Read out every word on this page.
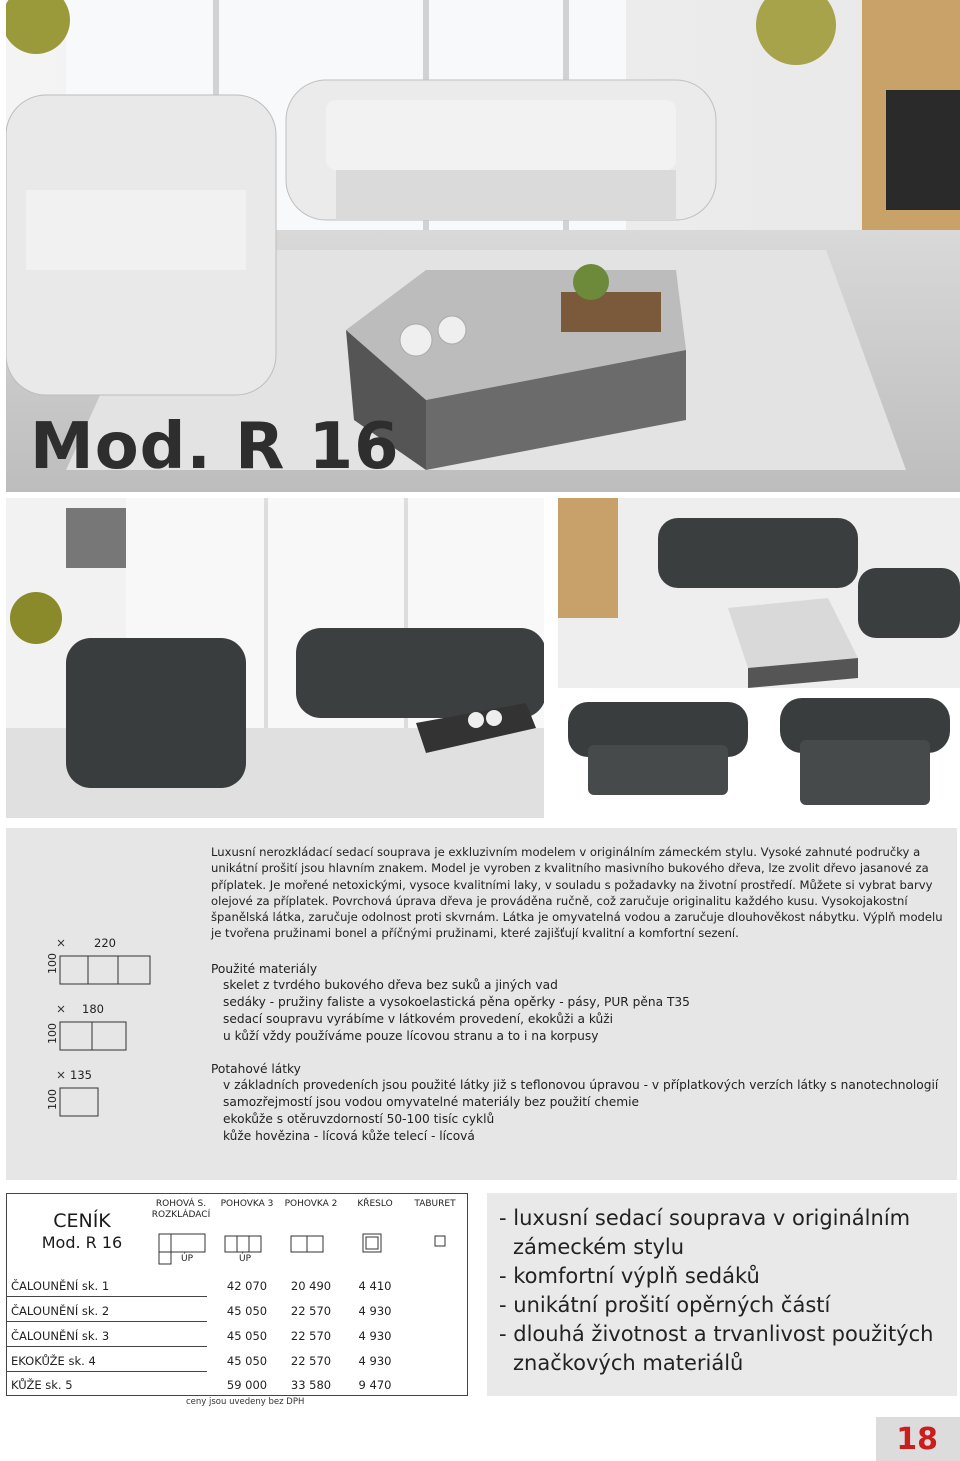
Mod. R 16
220
100
180
100
135
100
Luxusní nerozkládací sedací souprava je exkluzivním modelem v originálním zámeckém stylu. Vysoké zahnuté područky a unikátní prošití jsou hlavním znakem. Model je vyroben z kvalitního masivního bukového dřeva, lze zvolit dřevo jasanové za příplatek. Je mořené netoxickými, vysoce kvalitními laky, v souladu s požadavky na životní prostředí. Můžete si vybrat barvy olejové za příplatek. Povrchová úprava dřeva je prováděna ručně, což zaručuje originalitu každého kusu. Vysokojakostní španělská látka, zaručuje odolnost proti skvrnám. Látka je omyvatelná vodou a zaručuje dlouhověkost nábytku. Výplň modelu je tvořena pružinami bonel a příčnými pružinami, které zajišťují kvalitní a komfortní sezení.
Použité materiály
skelet z tvrdého bukového dřeva bez suků a jiných vad
sedáky - pružiny faliste a vysokoelastická pěna opěrky - pásy, PUR pěna T35
sedací soupravu vyrábíme v látkovém provedení, ekokůži a kůži
u kůží vždy používáme pouze lícovou stranu a to i na korpusy
Potahové látky
v základních provedeních jsou použité látky již s teflonovou úpravou - v příplatkových verzích látky s nanotechnologií
samozřejmostí jsou vodou omyvatelné materiály bez použití chemie
ekokůže s otěruvzdorností 50-100 tisíc cyklů
kůže hovězina - lícová kůže telecí - lícová
CENÍK
Mod. R 16
ROHOVÁ S. ROZKLÁDACÍ
POHOVKA 3	POHOVKA 2	KŘESLO	TABURET
ÚP	ÚP
ČALOUNĚNÍ sk. 1	42 070	20 490	4 410
ČALOUNĚNÍ sk. 2	45 050	22 570	4 930
ČALOUNĚNÍ sk. 3	45 050	22 570	4 930
EKOKŮŽE sk. 4	45 050	22 570	4 930
KŮŽE sk. 5	59 000	33 580	9 470
ceny jsou uvedeny bez DPH
- luxusní sedací souprava v originálním
zámeckém stylu
- komfortní výplň sedáků
- unikátní prošití opěrných částí
- dlouhá životnost a trvanlivost použitých
značkových materiálů
18
